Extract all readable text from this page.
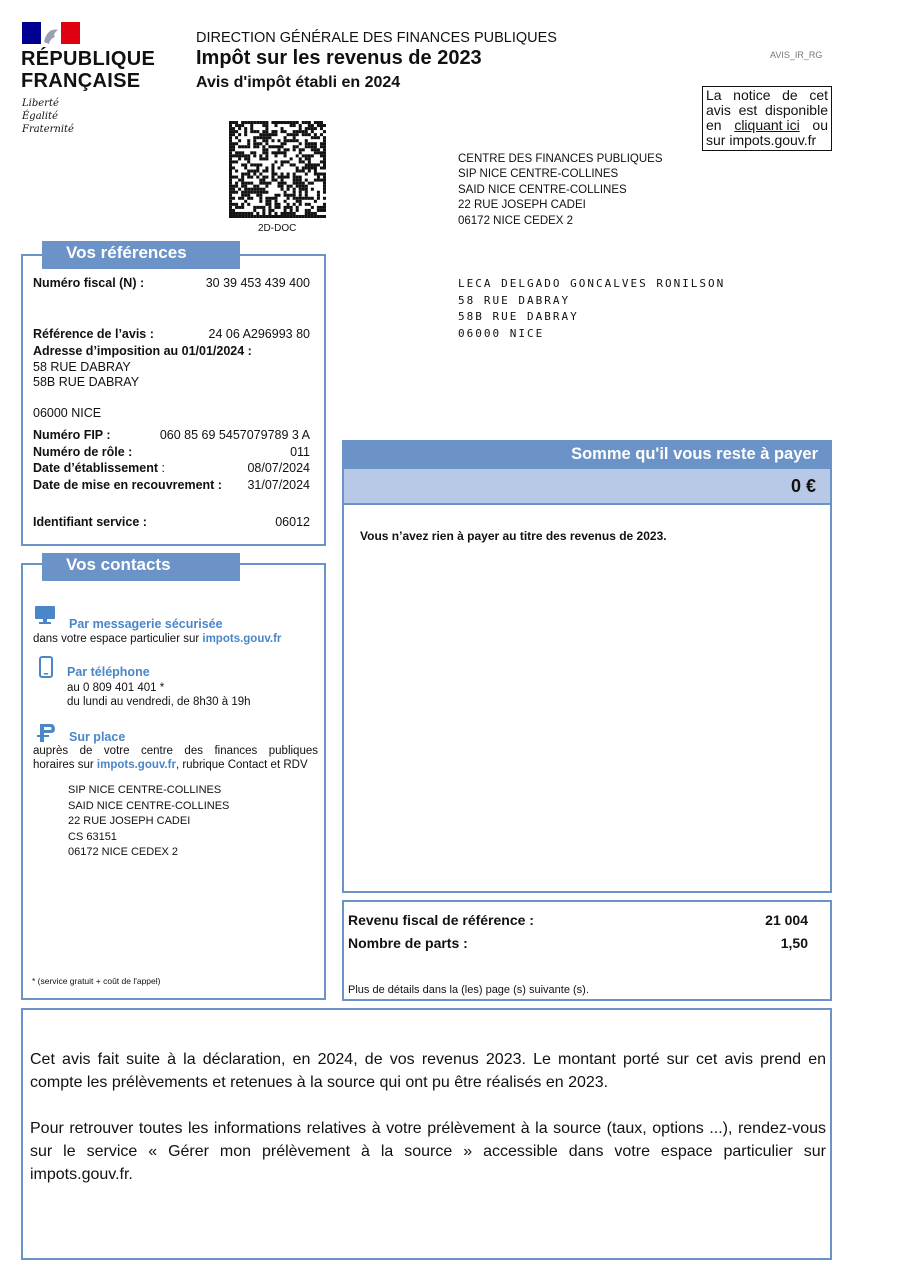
RÉPUBLIQUE
FRANÇAISE
Liberté
Égalité
Fraternité
DIRECTION GÉNÉRALE DES FINANCES PUBLIQUES
Impôt sur les revenus de 2023
Avis d'impôt établi en 2024
AVIS_IR_RG
La notice de cet
avis est disponible
en cliquant ici ou
sur impots.gouv.fr
2D-DOC
CENTRE DES FINANCES PUBLIQUES
SIP NICE CENTRE-COLLINES
SAID NICE CENTRE-COLLINES
22 RUE JOSEPH CADEI
06172 NICE CEDEX 2
LECA DELGADO GONCALVES RONILSON
58 RUE DABRAY
58B RUE DABRAY
06000 NICE
Numéro fiscal (N) :	30 39 453 439 400
Référence de l’avis :	24 06 A296993 80
Adresse d’imposition au 01/01/2024 :
58 RUE DABRAY
58B RUE DABRAY
06000 NICE
Numéro FIP :	060 85 69 5457079789 3 A
Numéro de rôle :	011
Date d’établissement :	08/07/2024
Date de mise en recouvrement : 31/07/2024
Identifiant service :	06012
Vos références
Par messagerie sécurisée
dans votre espace particulier sur impots.gouv.fr
Par téléphone
au 0 809 401 401 *
du lundi au vendredi, de 8h30 à 19h
Sur place
auprès de votre centre des finances publiques
horaires sur impots.gouv.fr, rubrique Contact et RDV
SIP NICE CENTRE-COLLINES
SAID NICE CENTRE-COLLINES
22 RUE JOSEPH CADEI
CS 63151
06172 NICE CEDEX 2
* (service gratuit + coût de l'appel)
Vos contacts
Somme qu'il vous reste à payer
0 €
Vous n’avez rien à payer au titre des revenus de 2023.
Revenu fiscal de référence :	21 004
Nombre de parts :	1,50
Plus de détails dans la (les) page (s) suivante (s).
Cet avis fait suite à la déclaration, en 2024, de vos revenus 2023. Le montant porté sur cet avis prend en compte les prélèvements et retenues à la source qui ont pu être réalisés en 2023.
Pour retrouver toutes les informations relatives à votre prélèvement à la source (taux, options ...), rendez-vous sur le service « Gérer mon prélèvement à la source » accessible dans votre espace particulier sur impots.gouv.fr.
